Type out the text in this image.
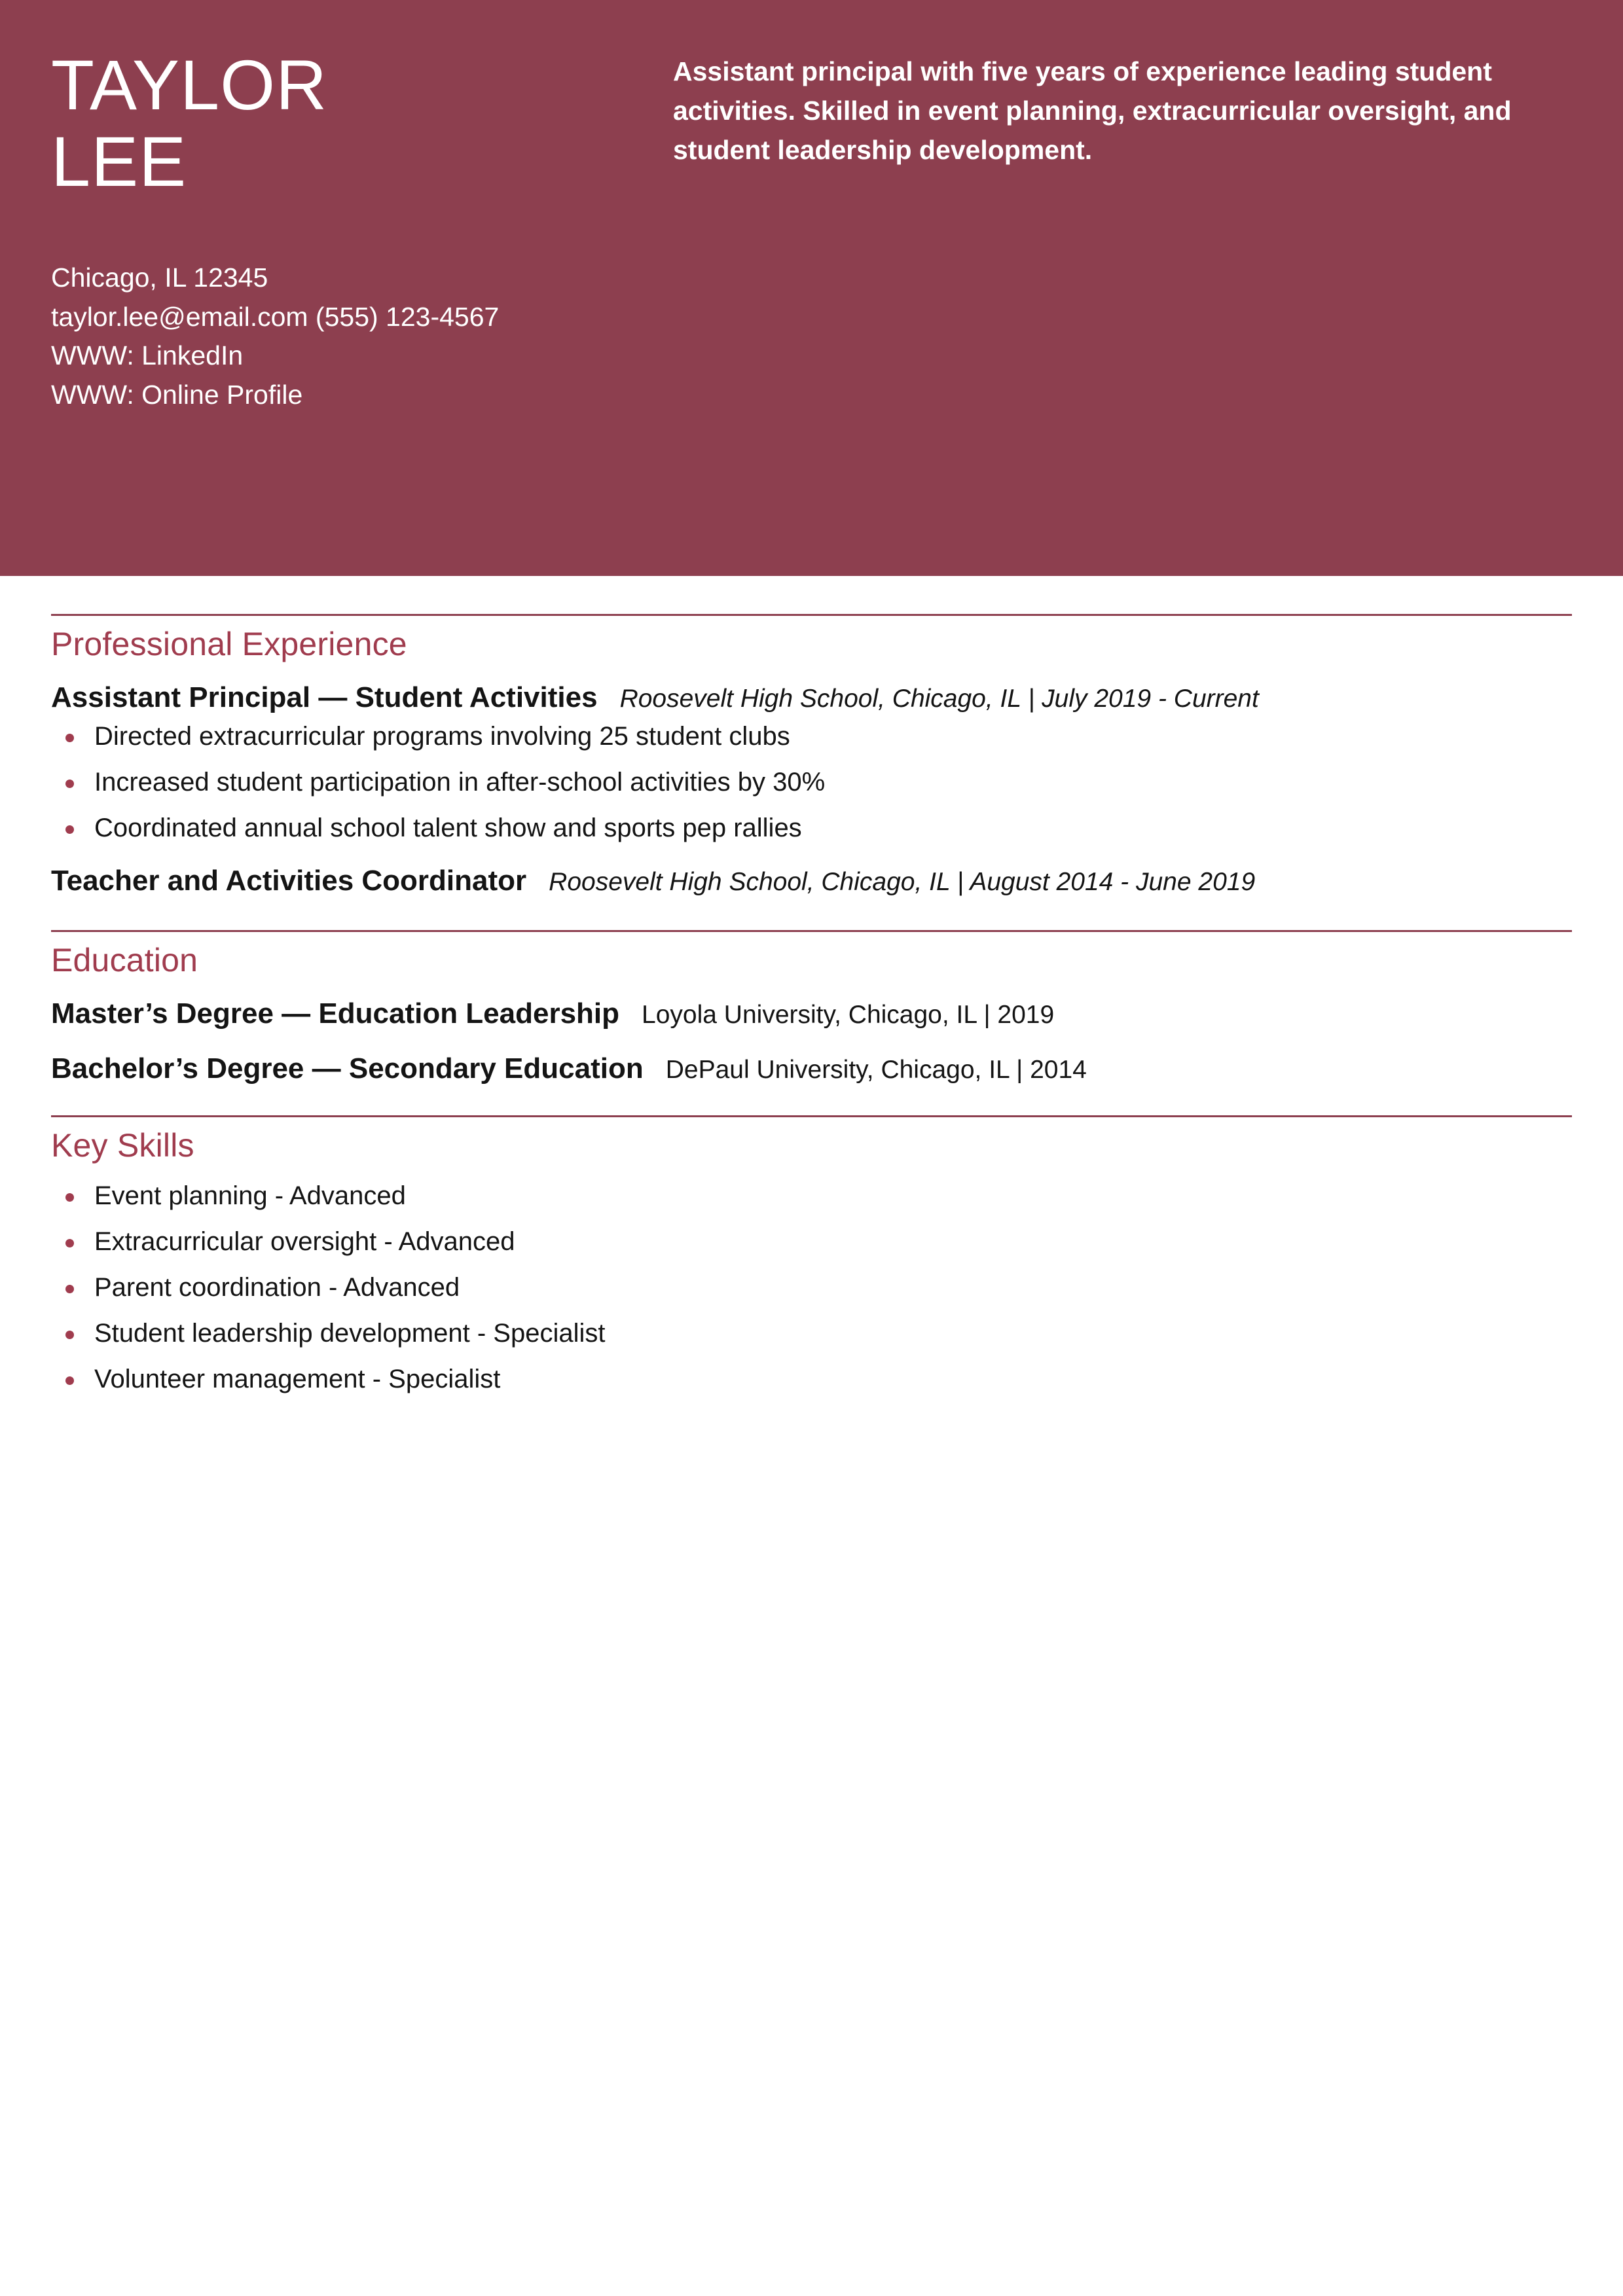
TAYLOR
LEE
Chicago, IL 12345
taylor.lee@email.com (555) 123-4567
WWW: LinkedIn
WWW: Online Profile

Assistant principal with five years of experience leading student activities. Skilled in event planning, extracurricular oversight, and student leadership development.

Professional Experience
Assistant Principal — Student Activities Roosevelt High School, Chicago, IL | July 2019 - Current
Directed extracurricular programs involving 25 student clubs
Increased student participation in after-school activities by 30%
Coordinated annual school talent show and sports pep rallies
Teacher and Activities Coordinator Roosevelt High School, Chicago, IL | August 2014 - June 2019
Education
Master’s Degree — Education Leadership Loyola University, Chicago, IL | 2019
Bachelor’s Degree — Secondary Education DePaul University, Chicago, IL | 2014
Key Skills
Event planning - Advanced
Extracurricular oversight - Advanced
Parent coordination - Advanced
Student leadership development - Specialist
Volunteer management - Specialist
